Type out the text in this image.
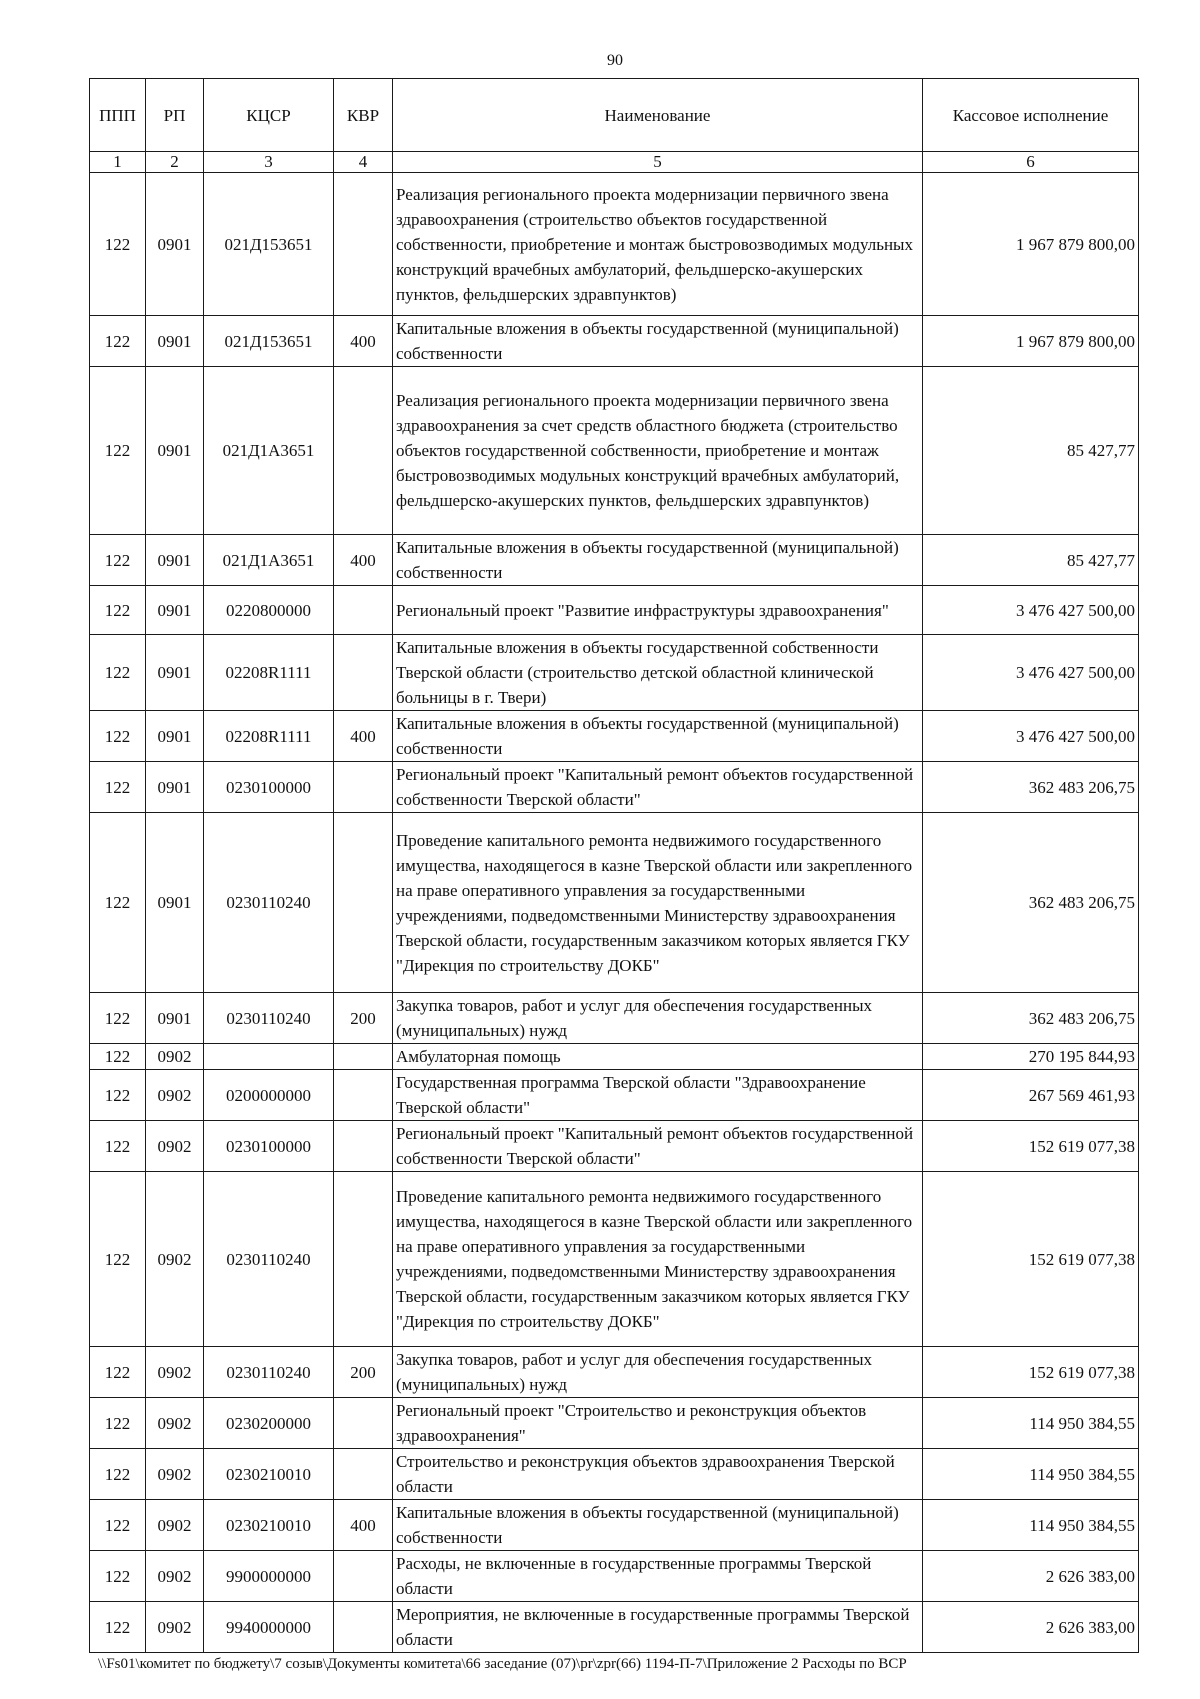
90
ППП	РП	КЦСР	КВР	Наименование	Кассовое исполнение
1	2	3	4	5	6
122	0901	021Д153651		Реализация регионального проекта модернизации первичного звена здравоохранения (строительство объектов государственной собственности, приобретение и монтаж быстровозводимых модульных конструкций врачебных амбулаторий, фельдшерско-акушерских пунктов, фельдшерских здравпунктов)	1 967 879 800,00
122	0901	021Д153651	400	Капитальные вложения в объекты государственной (муниципальной) собственности	1 967 879 800,00
122	0901	021Д1А3651		Реализация регионального проекта модернизации первичного звена здравоохранения за счет средств областного бюджета (строительство объектов государственной собственности, приобретение и монтаж быстровозводимых модульных конструкций врачебных амбулаторий, фельдшерско-акушерских пунктов, фельдшерских здравпунктов)	85 427,77
122	0901	021Д1А3651	400	Капитальные вложения в объекты государственной (муниципальной) собственности	85 427,77
122	0901	0220800000		Региональный проект "Развитие инфраструктуры здравоохранения"	3 476 427 500,00
122	0901	02208R1111		Капитальные вложения в объекты государственной собственности Тверской области (строительство детской областной клинической больницы в г. Твери)	3 476 427 500,00
122	0901	02208R1111	400	Капитальные вложения в объекты государственной (муниципальной) собственности	3 476 427 500,00
122	0901	0230100000		Региональный проект "Капитальный ремонт объектов государственной собственности Тверской области"	362 483 206,75
122	0901	0230110240		Проведение капитального ремонта недвижимого государственного имущества, находящегося в казне Тверской области или закрепленного на праве оперативного управления за государственными учреждениями, подведомственными Министерству здравоохранения Тверской области, государственным заказчиком которых является ГКУ "Дирекция по строительству ДОКБ"	362 483 206,75
122	0901	0230110240	200	Закупка товаров, работ и услуг для обеспечения государственных (муниципальных) нужд	362 483 206,75
122	0902			Амбулаторная помощь	270 195 844,93
122	0902	0200000000		Государственная программа Тверской области "Здравоохранение Тверской области"	267 569 461,93
122	0902	0230100000		Региональный проект "Капитальный ремонт объектов государственной собственности Тверской области"	152 619 077,38
122	0902	0230110240		Проведение капитального ремонта недвижимого государственного имущества, находящегося в казне Тверской области или закрепленного на праве оперативного управления за государственными учреждениями, подведомственными Министерству здравоохранения Тверской области, государственным заказчиком которых является ГКУ "Дирекция по строительству ДОКБ"	152 619 077,38
122	0902	0230110240	200	Закупка товаров, работ и услуг для обеспечения государственных (муниципальных) нужд	152 619 077,38
122	0902	0230200000		Региональный проект "Строительство и реконструкция объектов здравоохранения"	114 950 384,55
122	0902	0230210010		Строительство и реконструкция объектов здравоохранения Тверской области	114 950 384,55
122	0902	0230210010	400	Капитальные вложения в объекты государственной (муниципальной) собственности	114 950 384,55
122	0902	9900000000		Расходы, не включенные в государственные программы Тверской области	2 626 383,00
122	0902	9940000000		Мероприятия, не включенные в государственные программы Тверской области	2 626 383,00
\\Fs01\комитет по бюджету\7 созыв\Документы комитета\66 заседание (07)\pr\zpr(66) 1194-П-7\Приложение 2 Расходы по ВСР
